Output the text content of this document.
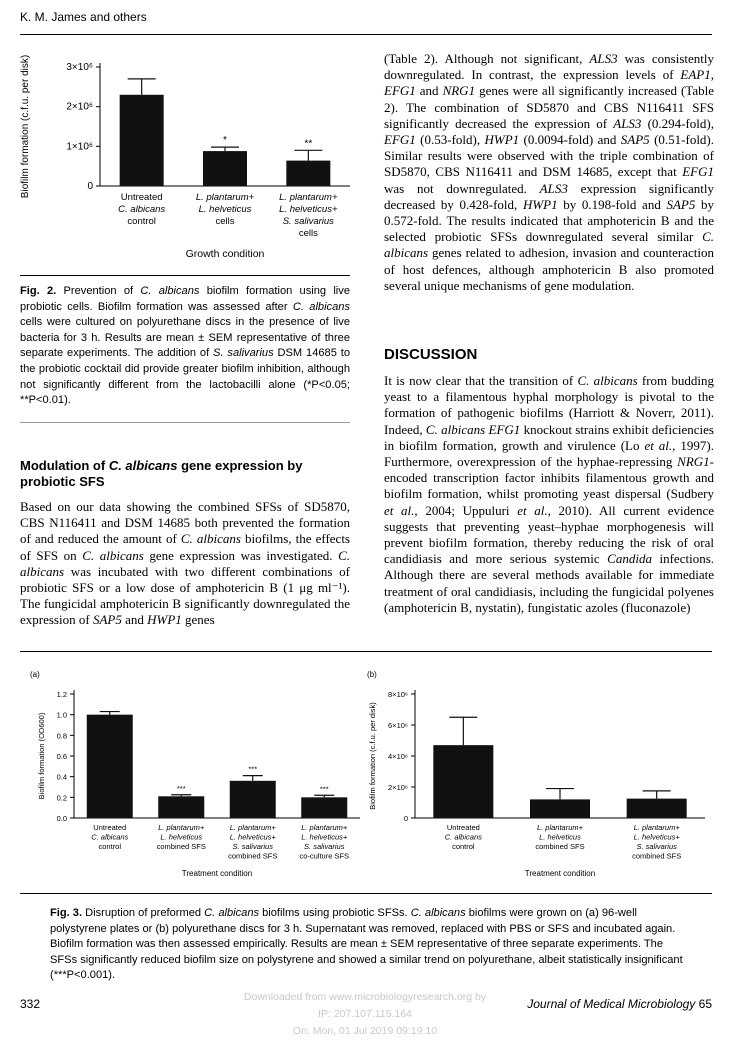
K. M. James and others
0
1×10⁶
2×10⁶
3×10⁶
Untreated
C. albicans
control
*
L. plantarum+
L. helveticus
cells
**
L. plantarum+
L. helveticus+
S. salivarius
cells
Growth condition
Biofilm formation (c.f.u. per disk)
Fig. 2. Prevention of C. albicans biofilm formation using live probiotic cells. Biofilm formation was assessed after C. albicans cells were cultured on polyurethane discs in the presence of live bacteria for 3 h. Results are mean ± SEM representative of three separate experiments. The addition of S. salivarius DSM 14685 to the probiotic cocktail did provide greater biofilm inhibition, although not significantly different from the lactobacilli alone (*P<0.05; **P<0.01).
Modulation of C. albicans gene expression by probiotic SFS
Based on our data showing the combined SFSs of SD5870, CBS N116411 and DSM 14685 both prevented the formation of and reduced the amount of C. albicans biofilms, the effects of SFS on C. albicans gene expression was investigated. C. albicans was incubated with two different combinations of probiotic SFS or a low dose of amphotericin B (1 μg ml⁻¹). The fungicidal amphotericin B significantly downregulated the expression of SAP5 and HWP1 genes
(Table 2). Although not significant, ALS3 was consistently downregulated. In contrast, the expression levels of EAP1, EFG1 and NRG1 genes were all significantly increased (Table 2). The combination of SD5870 and CBS N116411 SFS significantly decreased the expression of ALS3 (0.294-fold), EFG1 (0.53-fold), HWP1 (0.0094-fold) and SAP5 (0.51-fold). Similar results were observed with the triple combination of SD5870, CBS N116411 and DSM 14685, except that EFG1 was not downregulated. ALS3 expression significantly decreased by 0.428-fold, HWP1 by 0.198-fold and SAP5 by 0.572-fold. The results indicated that amphotericin B and the selected probiotic SFSs downregulated several similar C. albicans genes related to adhesion, invasion and counteraction of host defences, although amphotericin B also promoted several unique mechanisms of gene modulation.
DISCUSSION
It is now clear that the transition of C. albicans from budding yeast to a filamentous hyphal morphology is pivotal to the formation of pathogenic biofilms (Harriott & Noverr, 2011). Indeed, C. albicans EFG1 knockout strains exhibit deficiencies in biofilm formation, growth and virulence (Lo et al., 1997). Furthermore, overexpression of the hyphae-repressing NRG1-encoded transcription factor inhibits filamentous growth and biofilm formation, whilst promoting yeast dispersal (Sudbery et al., 2004; Uppuluri et al., 2010). All current evidence suggests that preventing yeast–hyphae morphogenesis will prevent biofilm formation, thereby reducing the risk of oral candidiasis and more serious systemic Candida infections. Although there are several methods available for immediate treatment of oral candidiasis, including the fungicidal polyenes (amphotericin B, nystatin), fungistatic azoles (fluconazole)
(a)
0.0
0.2
0.4
0.6
0.8
1.0
1.2
Untreated
C. albicans
control
***
L. plantarum+
L. helveticus
combined SFS
***
L. plantarum+
L. helveticus+
S. salivarius
combined SFS
***
L. plantarum+
L. helveticus+
S. salivarius
co-culture SFS
Treatment condition
Biofilm formation (OD600)
(b)
0
2×10⁶
4×10⁶
6×10⁶
8×10⁶
Untreated
C. albicans
control
L. plantarum+
L. helveticus
combined SFS
L. plantarum+
L. helveticus+
S. salivarius
combined SFS
Treatment condition
Biofilm formation (c.f.u. per disk)
Fig. 3. Disruption of preformed C. albicans biofilms using probiotic SFSs. C. albicans biofilms were grown on (a) 96-well polystyrene plates or (b) polyurethane discs for 3 h. Supernatant was removed, replaced with PBS or SFS and incubated again. Biofilm formation was then assessed empirically. Results are mean ± SEM representative of three separate experiments. The SFSs significantly reduced biofilm size on polystyrene and showed a similar trend on polyurethane, albeit statistically insignificant (***P<0.001).
332	Downloaded from www.microbiologyresearch.org by
IP: 207.107.115.164
On: Mon, 01 Jul 2019 09:19:10
Journal of Medical Microbiology 65
